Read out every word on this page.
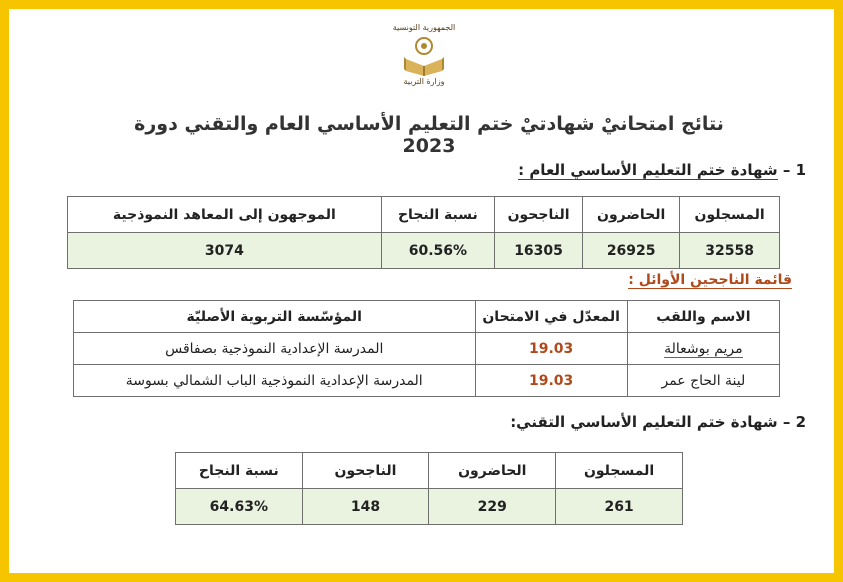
الجمهورية التونسية
وزارة التربية
نتائج امتحانيْ شهادتيْ ختم التعليم الأساسي العام والتقني دورة 2023
1 – شهادة ختم التعليم الأساسي العام :
المسجلون	الحاضرون	الناجحون	نسبة النجاح	الموجهون إلى المعاهد النموذجية
32558	26925	16305	60.56%	3074
قائمة الناجحين الأوائل :
الاسم واللقب	المعدّل في الامتحان	المؤسّسة التربوية الأصليّة
مريم بوشعالة	19.03	المدرسة الإعدادية النموذجية بصفاقس
لينة الحاج عمر	19.03	المدرسة الإعدادية النموذجية الباب الشمالي بسوسة
2 – شهادة ختم التعليم الأساسي التقني:
المسجلون	الحاضرون	الناجحون	نسبة النجاح
261	229	148	64.63%
